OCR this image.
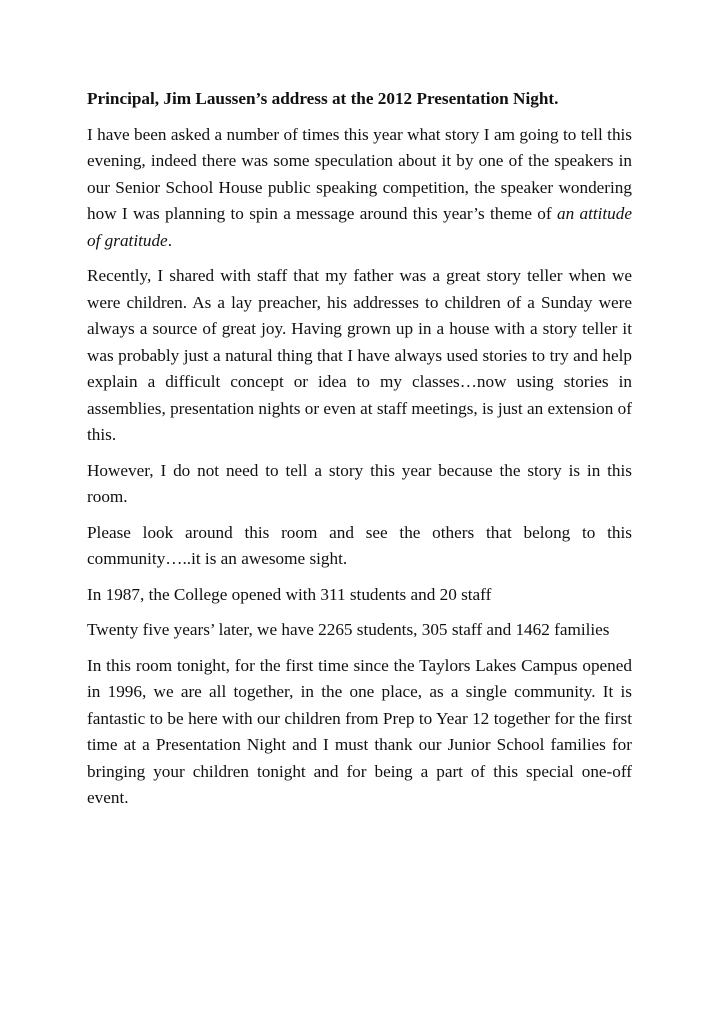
Principal, Jim Laussen’s address at the 2012 Presentation Night.

I have been asked a number of times this year what story I am going to tell this evening, indeed there was some speculation about it by one of the speakers in our Senior School House public speaking competition, the speaker wondering how I was planning to spin a message around this year’s theme of an attitude of gratitude.

Recently, I shared with staff that my father was a great story teller when we were children. As a lay preacher, his addresses to children of a Sunday were always a source of great joy. Having grown up in a house with a story teller it was probably just a natural thing that I have always used stories to try and help explain a difficult concept or idea to my classes…now using stories in assemblies, presentation nights or even at staff meetings, is just an extension of this.

However, I do not need to tell a story this year because the story is in this room.

Please look around this room and see the others that belong to this community…..it is an awesome sight.

In 1987, the College opened with 311 students and 20 staff

Twenty five years’ later, we have 2265 students, 305 staff and 1462 families

In this room tonight, for the first time since the Taylors Lakes Campus opened in 1996, we are all together, in the one place, as a single community. It is fantastic to be here with our children from Prep to Year 12 together for the first time at a Presentation Night and I must thank our Junior School families for bringing your children tonight and for being a part of this special one-off event.
